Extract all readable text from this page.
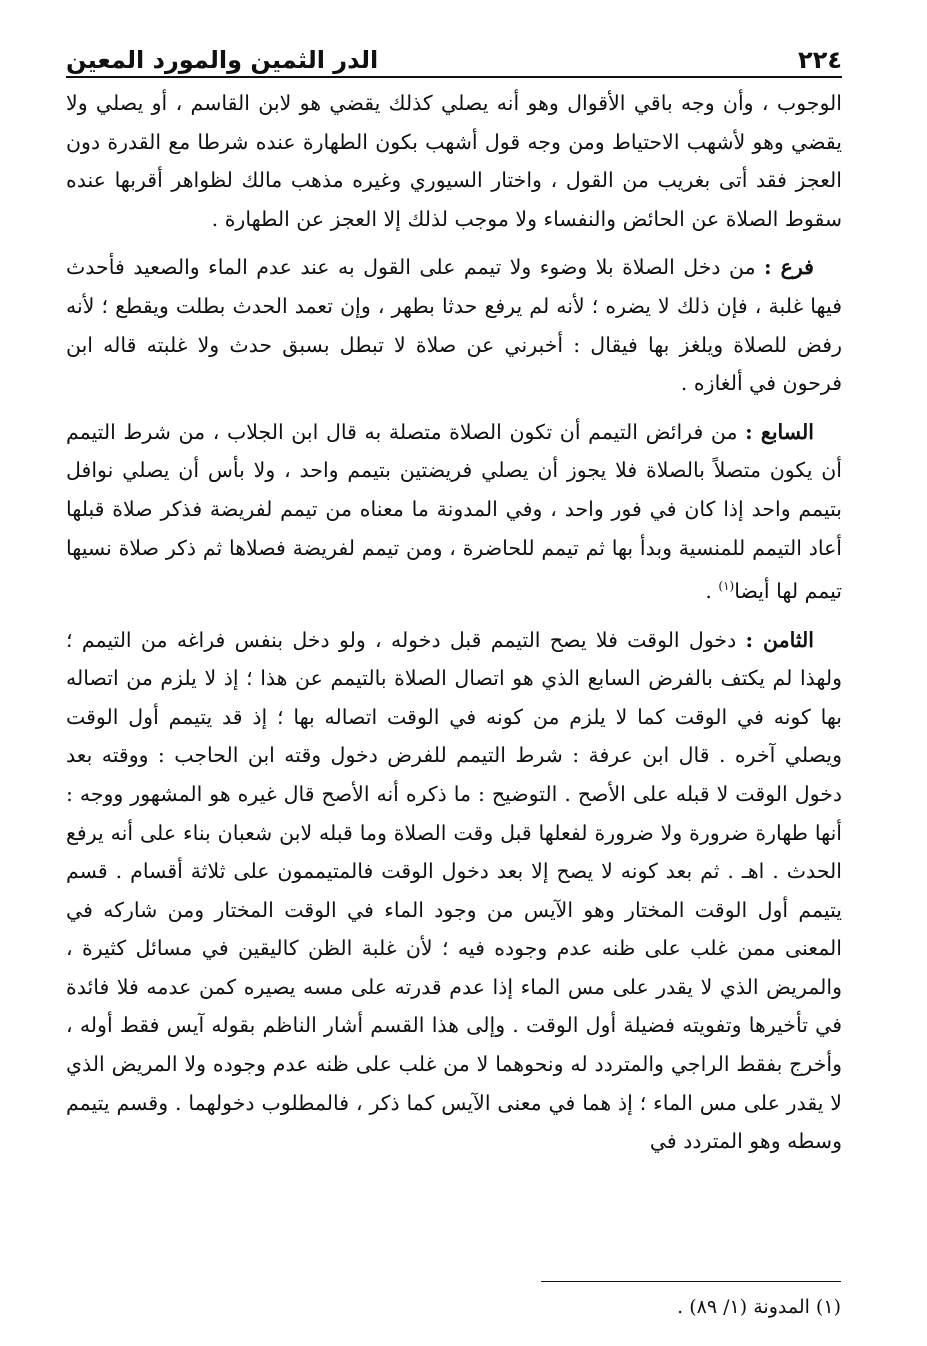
٢٢٤
الدر الثمين والمورد المعين

الوجوب ، وأن وجه باقي الأقوال وهو أنه يصلي كذلك يقضي هو لابن القاسم ، أو يصلي ولا يقضي وهو لأشهب الاحتياط ومن وجه قول أشهب بكون الطهارة عنده شرطا مع القدرة دون العجز فقد أتى بغريب من القول ، واختار السيوري وغيره مذهب مالك لظواهر أقربها عنده سقوط الصلاة عن الحائض والنفساء ولا موجب لذلك إلا العجز عن الطهارة .

فرع : من دخل الصلاة بلا وضوء ولا تيمم على القول به عند عدم الماء والصعيد فأحدث فيها غلبة ، فإن ذلك لا يضره ؛ لأنه لم يرفع حدثا بطهر ، وإن تعمد الحدث بطلت ويقطع ؛ لأنه رفض للصلاة ويلغز بها فيقال : أخبرني عن صلاة لا تبطل بسبق حدث ولا غلبته قاله ابن فرحون في ألغازه .

السابع : من فرائض التيمم أن تكون الصلاة متصلة به قال ابن الجلاب ، من شرط التيمم أن يكون متصلاً بالصلاة فلا يجوز أن يصلي فريضتين بتيمم واحد ، ولا بأس أن يصلي نوافل بتيمم واحد إذا كان في فور واحد ، وفي المدونة ما معناه من تيمم لفريضة فذكر صلاة قبلها أعاد التيمم للمنسية وبدأ بها ثم تيمم للحاضرة ، ومن تيمم لفريضة فصلاها ثم ذكر صلاة نسيها تيمم لها أيضا$^{(١)}$ .

الثامن : دخول الوقت فلا يصح التيمم قبل دخوله ، ولو دخل بنفس فراغه من التيمم ؛ ولهذا لم يكتف بالفرض السابع الذي هو اتصال الصلاة بالتيمم عن هذا ؛ إذ لا يلزم من اتصاله بها كونه في الوقت كما لا يلزم من كونه في الوقت اتصاله بها ؛ إذ قد يتيمم أول الوقت ويصلي آخره . قال ابن عرفة : شرط التيمم للفرض دخول وقته ابن الحاجب : ووقته بعد دخول الوقت لا قبله على الأصح . التوضيح : ما ذكره أنه الأصح قال غيره هو المشهور ووجه : أنها طهارة ضرورة ولا ضرورة لفعلها قبل وقت الصلاة وما قبله لابن شعبان بناء على أنه يرفع الحدث . اهـ . ثم بعد كونه لا يصح إلا بعد دخول الوقت فالمتيممون على ثلاثة أقسام . قسم يتيمم أول الوقت المختار وهو الآيس من وجود الماء في الوقت المختار ومن شاركه في المعنى ممن غلب على ظنه عدم وجوده فيه ؛ لأن غلبة الظن كاليقين في مسائل كثيرة ، والمريض الذي لا يقدر على مس الماء إذا عدم قدرته على مسه يصيره كمن عدمه فلا فائدة في تأخيرها وتفويته فضيلة أول الوقت . وإلى هذا القسم أشار الناظم بقوله آيس فقط أوله ، وأخرج بفقط الراجي والمتردد له ونحوهما لا من غلب على ظنه عدم وجوده ولا المريض الذي لا يقدر على مس الماء ؛ إذ هما في معنى الآيس كما ذكر ، فالمطلوب دخولهما . وقسم يتيمم وسطه وهو المتردد في

(١) المدونة (١/ ٨٩) .
